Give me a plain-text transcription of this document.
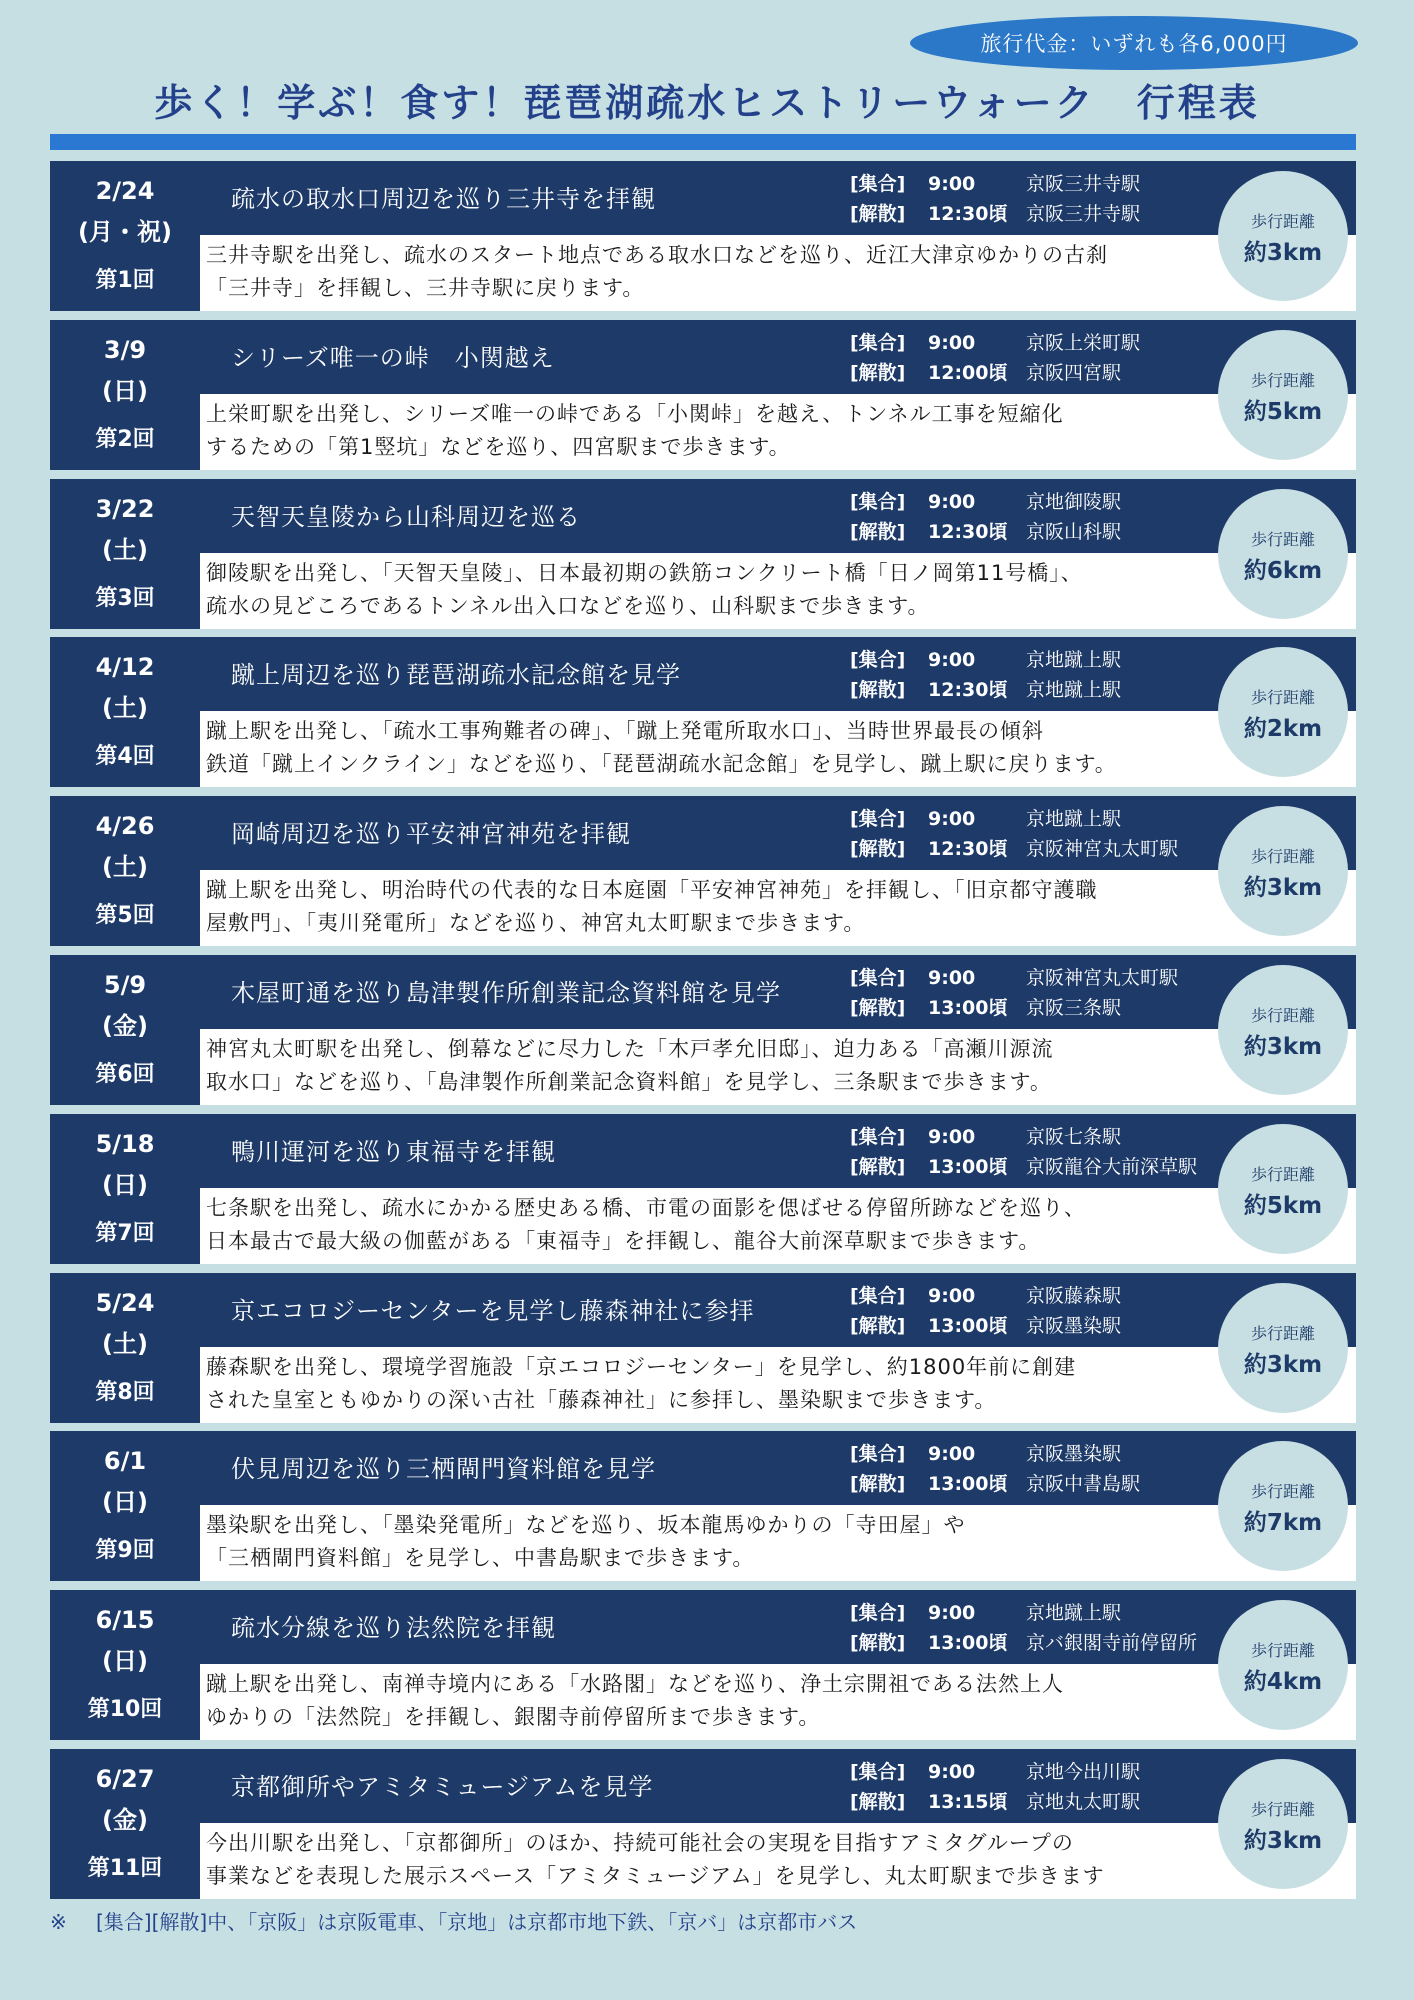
旅行代金：いずれも各6,000円
歩く！学ぶ！食す！琵琶湖疏水ヒストリーウォーク　行程表
2/24
(月・祝)
第1回
疏水の取水口周辺を巡り三井寺を拝観
[集合] 9:00	京阪三井寺駅
[解散] 12:30頃 京阪三井寺駅
三井寺駅を出発し、疏水のスタート地点である取水口などを巡り、近江大津京ゆかりの古刹
「三井寺」を拝観し、三井寺駅に戻ります。
歩行距離
約3km
3/9
(日)
第2回
シリーズ唯一の峠　小関越え
[集合] 9:00	京阪上栄町駅
[解散] 12:00頃 京阪四宮駅
上栄町駅を出発し、シリーズ唯一の峠である「小関峠」を越え、トンネル工事を短縮化
するための「第1竪坑」などを巡り、四宮駅まで歩きます。
歩行距離
約5km
3/22
(土)
第3回
天智天皇陵から山科周辺を巡る
[集合] 9:00	京地御陵駅
[解散] 12:30頃 京阪山科駅
御陵駅を出発し、「天智天皇陵」、日本最初期の鉄筋コンクリート橋「日ノ岡第11号橋」、
疏水の見どころであるトンネル出入口などを巡り、山科駅まで歩きます。
歩行距離
約6km
4/12
(土)
第4回
蹴上周辺を巡り琵琶湖疏水記念館を見学
[集合] 9:00	京地蹴上駅
[解散] 12:30頃 京地蹴上駅
蹴上駅を出発し、「疏水工事殉難者の碑」、「蹴上発電所取水口」、当時世界最長の傾斜
鉄道「蹴上インクライン」などを巡り、「琵琶湖疏水記念館」を見学し、蹴上駅に戻ります。
歩行距離
約2km
4/26
(土)
第5回
岡崎周辺を巡り平安神宮神苑を拝観
[集合] 9:00	京地蹴上駅
[解散] 12:30頃 京阪神宮丸太町駅
蹴上駅を出発し、明治時代の代表的な日本庭園「平安神宮神苑」を拝観し、「旧京都守護職
屋敷門」、「夷川発電所」などを巡り、神宮丸太町駅まで歩きます。
歩行距離
約3km
5/9
(金)
第6回
木屋町通を巡り島津製作所創業記念資料館を見学
[集合] 9:00	京阪神宮丸太町駅
[解散] 13:00頃 京阪三条駅
神宮丸太町駅を出発し、倒幕などに尽力した「木戸孝允旧邸」、迫力ある「高瀬川源流
取水口」などを巡り、「島津製作所創業記念資料館」を見学し、三条駅まで歩きます。
歩行距離
約3km
5/18
(日)
第7回
鴨川運河を巡り東福寺を拝観
[集合] 9:00	京阪七条駅
[解散] 13:00頃 京阪龍谷大前深草駅
七条駅を出発し、疏水にかかる歴史ある橋、市電の面影を偲ばせる停留所跡などを巡り、
日本最古で最大級の伽藍がある「東福寺」を拝観し、龍谷大前深草駅まで歩きます。
歩行距離
約5km
5/24
(土)
第8回
京エコロジーセンターを見学し藤森神社に参拝
[集合] 9:00	京阪藤森駅
[解散] 13:00頃 京阪墨染駅
藤森駅を出発し、環境学習施設「京エコロジーセンター」を見学し、約1800年前に創建
された皇室ともゆかりの深い古社「藤森神社」に参拝し、墨染駅まで歩きます。
歩行距離
約3km
6/1
(日)
第9回
伏見周辺を巡り三栖閘門資料館を見学
[集合] 9:00	京阪墨染駅
[解散] 13:00頃 京阪中書島駅
墨染駅を出発し、「墨染発電所」などを巡り、坂本龍馬ゆかりの「寺田屋」や
「三栖閘門資料館」を見学し、中書島駅まで歩きます。
歩行距離
約7km
6/15
(日)
第10回
疏水分線を巡り法然院を拝観
[集合] 9:00	京地蹴上駅
[解散] 13:00頃 京バ銀閣寺前停留所
蹴上駅を出発し、南禅寺境内にある「水路閣」などを巡り、浄土宗開祖である法然上人
ゆかりの「法然院」を拝観し、銀閣寺前停留所まで歩きます。
歩行距離
約4km
6/27
(金)
第11回
京都御所やアミタミュージアムを見学
[集合] 9:00	京地今出川駅
[解散] 13:15頃 京地丸太町駅
今出川駅を出発し、「京都御所」のほか、持続可能社会の実現を目指すアミタグループの
事業などを表現した展示スペース「アミタミュージアム」を見学し、丸太町駅まで歩きます
歩行距離
約3km
※ [集合][解散]中、「京阪」は京阪電車、「京地」は京都市地下鉄、「京バ」は京都市バス
